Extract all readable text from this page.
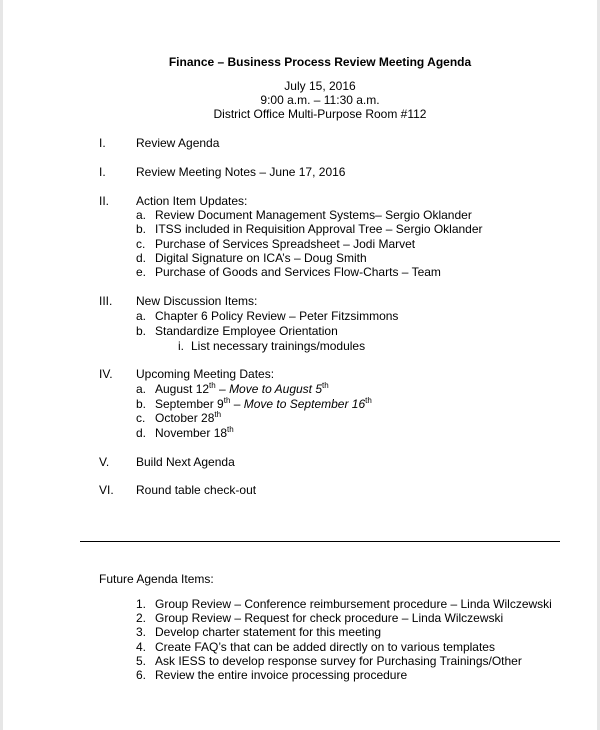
Finance – Business Process Review Meeting Agenda
July 15, 2016
9:00 a.m. – 11:30 a.m.
District Office Multi-Purpose Room #112
I.	Review Agenda
I.	Review Meeting Notes – June 17, 2016
II. Action Item Updates:
a. Review Document Management Systems– Sergio Oklander
b. ITSS included in Requisition Approval Tree – Sergio Oklander
c. Purchase of Services Spreadsheet – Jodi Marvet
d. Digital Signature on ICA’s – Doug Smith
e. Purchase of Goods and Services Flow-Charts – Team
III. New Discussion Items:
a. Chapter 6 Policy Review – Peter Fitzsimmons
b. Standardize Employee Orientation
i. List necessary trainings/modules
IV. Upcoming Meeting Dates:
a. August 12th – Move to August 5th
b. September 9th – Move to September 16th
c. October 28th
d. November 18th
V. Build Next Agenda
VI. Round table check-out
Future Agenda Items:
1. Group Review – Conference reimbursement procedure – Linda Wilczewski
2. Group Review – Request for check procedure – Linda Wilczewski
3. Develop charter statement for this meeting
4. Create FAQ’s that can be added directly on to various templates
5. Ask IESS to develop response survey for Purchasing Trainings/Other
6. Review the entire invoice processing procedure
